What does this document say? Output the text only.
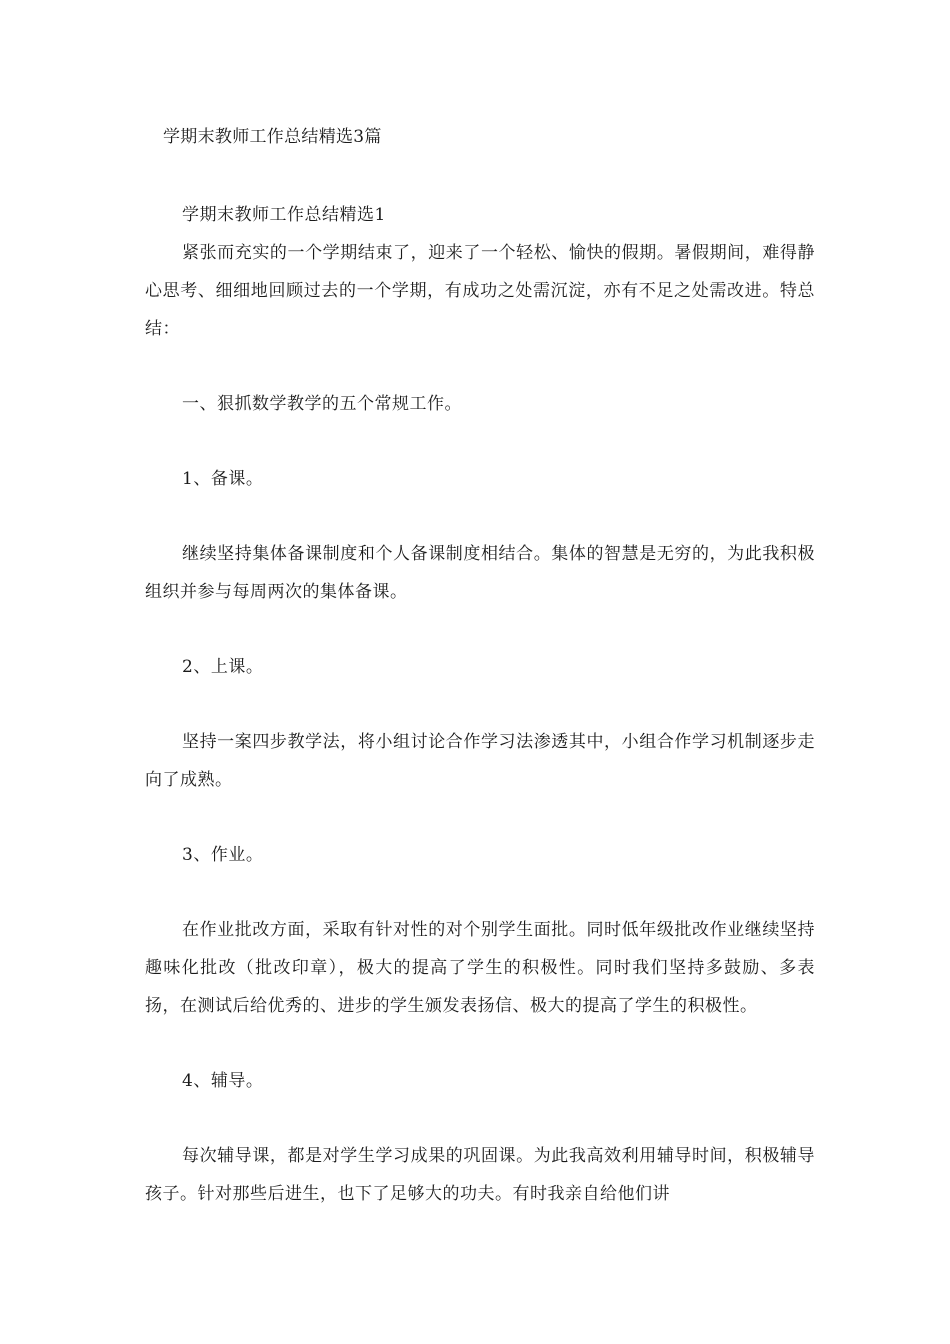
学期末教师工作总结精选3篇

学期末教师工作总结精选1

紧张而充实的一个学期结束了，迎来了一个轻松、愉快的假期。暑假期间，难得静心思考、细细地回顾过去的一个学期，有成功之处需沉淀，亦有不足之处需改进。特总结：

一、狠抓数学教学的五个常规工作。

1、备课。

继续坚持集体备课制度和个人备课制度相结合。集体的智慧是无穷的，为此我积极组织并参与每周两次的集体备课。

2、上课。

坚持一案四步教学法，将小组讨论合作学习法渗透其中，小组合作学习机制逐步走向了成熟。

3、作业。

在作业批改方面，采取有针对性的对个别学生面批。同时低年级批改作业继续坚持趣味化批改（批改印章），极大的提高了学生的积极性。同时我们坚持多鼓励、多表扬，在测试后给优秀的、进步的学生颁发表扬信、极大的提高了学生的积极性。

4、辅导。

每次辅导课，都是对学生学习成果的巩固课。为此我高效利用辅导时间，积极辅导孩子。针对那些后进生，也下了足够大的功夫。有时我亲自给他们讲
